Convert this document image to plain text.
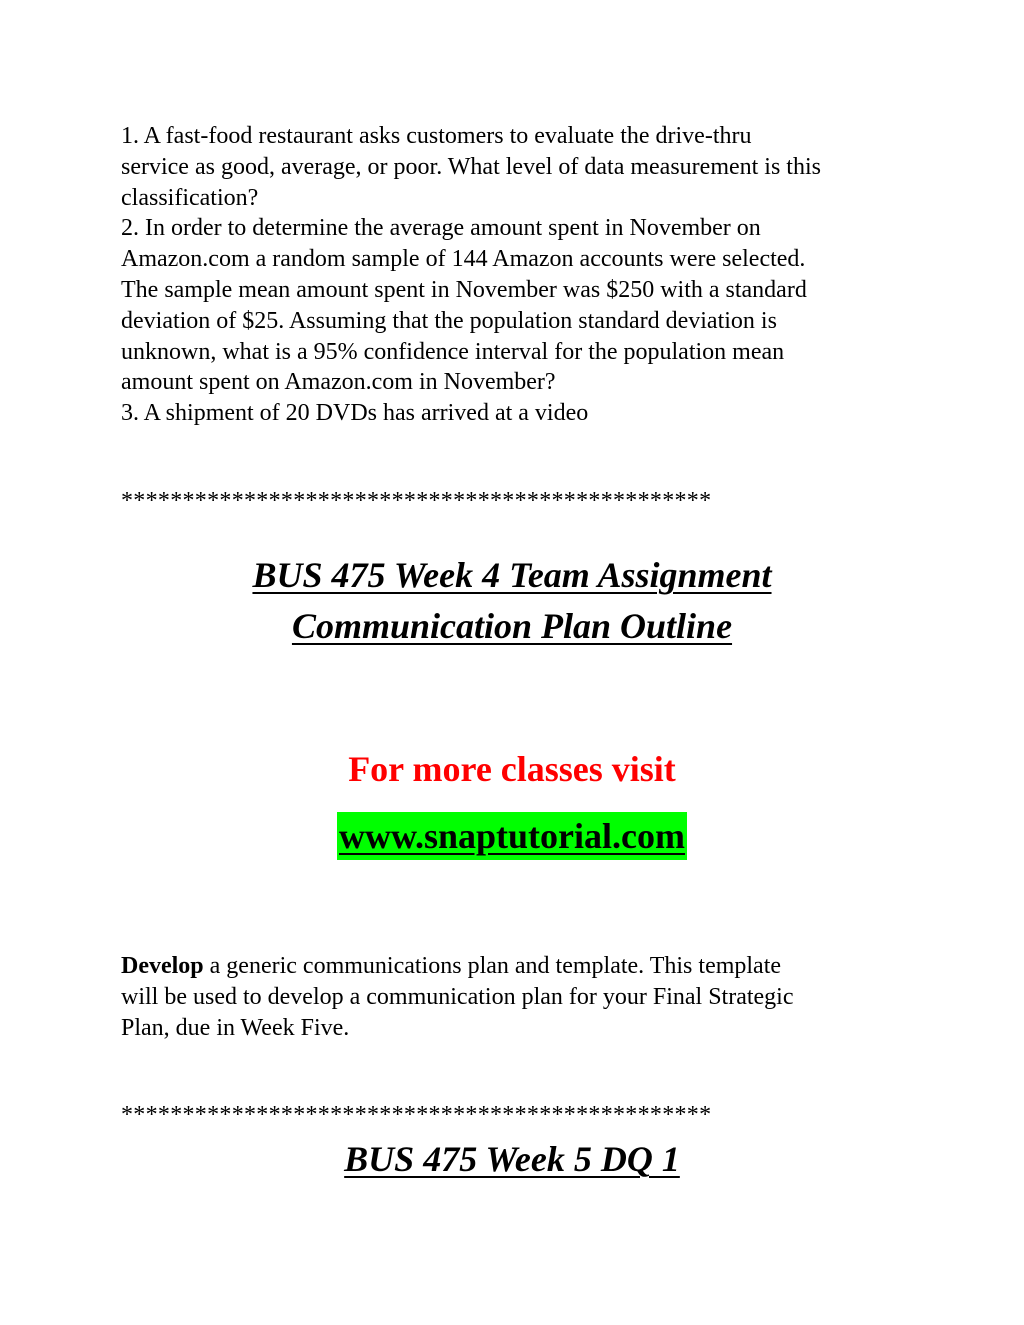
1. A fast-food restaurant asks customers to evaluate the drive-thru
service as good, average, or poor. What level of data measurement is this
classification?
2. In order to determine the average amount spent in November on
Amazon.com a random sample of 144 Amazon accounts were selected.
The sample mean amount spent in November was $250 with a standard
deviation of $25. Assuming that the population standard deviation is
unknown, what is a 95% confidence interval for the population mean
amount spent on Amazon.com in November?
3. A shipment of 20 DVDs has arrived at a video
************************************************
BUS 475 Week 4 Team Assignment
Communication Plan Outline
For more classes visit
www.snaptutorial.com
Develop a generic communications plan and template. This template
will be used to develop a communication plan for your Final Strategic
Plan, due in Week Five.
************************************************
BUS 475 Week 5 DQ 1
